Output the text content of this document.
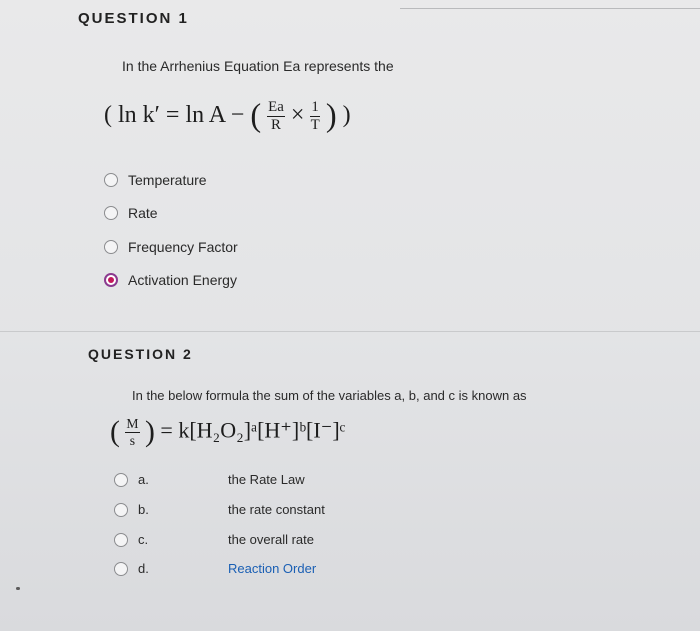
QUESTION 1
In the Arrhenius Equation Ea represents the
( ln k′ = ln A − ( $\frac{Ea}{R} \times \frac{1}{T}$ ) )
Temperature
Rate
Frequency Factor
Activation Energy
QUESTION 2
In the below formula the sum of the variables a, b, and c is known as
( $\frac{M}{s}$ ) = k[H₂O₂]ᵃ[H⁺]ᵇ[I⁻]ᶜ
a.	the Rate Law
b.	the rate constant
c.	the overall rate
d.	Reaction Order
